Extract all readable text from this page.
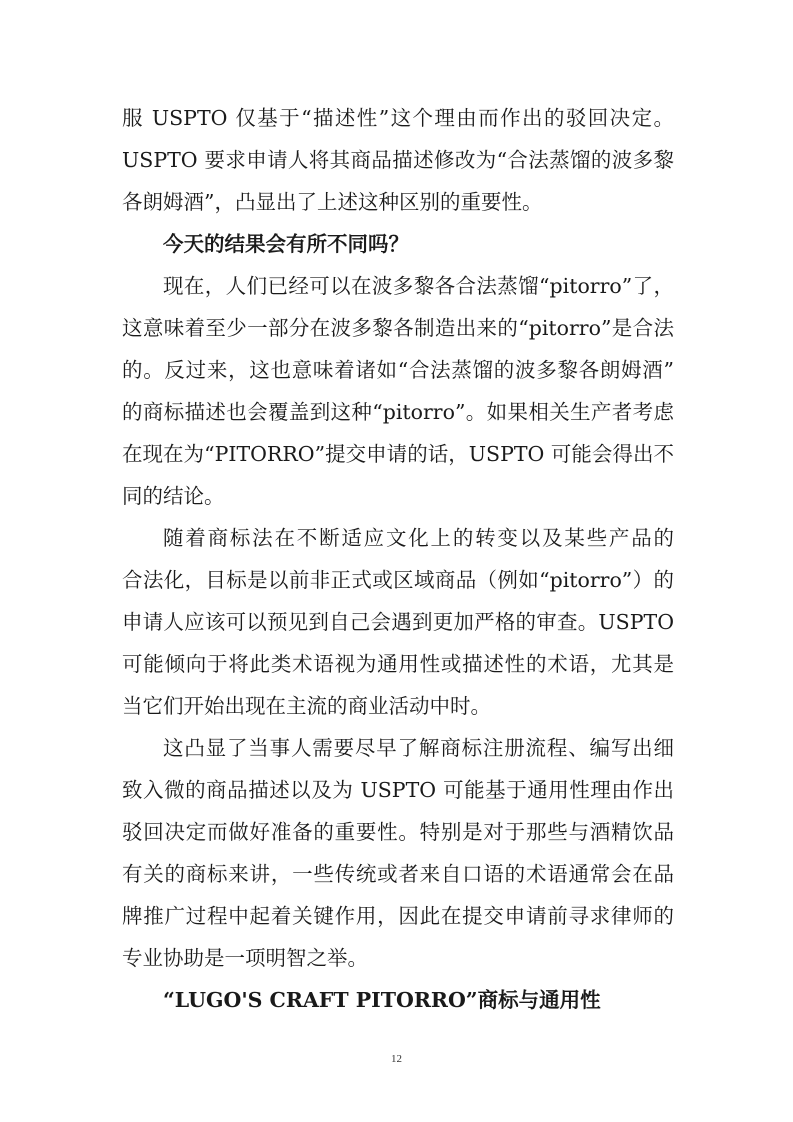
服 USPTO 仅基于“描述性”这个理由而作出的驳回决定。
USPTO 要求申请人将其商品描述修改为“合法蒸馏的波多黎
各朗姆酒”，凸显出了上述这种区别的重要性。
今天的结果会有所不同吗？
现在，人们已经可以在波多黎各合法蒸馏“pitorro”了，
这意味着至少一部分在波多黎各制造出来的“pitorro”是合法
的。反过来，这也意味着诸如“合法蒸馏的波多黎各朗姆酒”
的商标描述也会覆盖到这种“pitorro”。如果相关生产者考虑
在现在为“PITORRO”提交申请的话，USPTO 可能会得出不
同的结论。
随着商标法在不断适应文化上的转变以及某些产品的
合法化，目标是以前非正式或区域商品（例如“pitorro”）的
申请人应该可以预见到自己会遇到更加严格的审查。USPTO
可能倾向于将此类术语视为通用性或描述性的术语，尤其是
当它们开始出现在主流的商业活动中时。
这凸显了当事人需要尽早了解商标注册流程、编写出细
致入微的商品描述以及为 USPTO 可能基于通用性理由作出
驳回决定而做好准备的重要性。特别是对于那些与酒精饮品
有关的商标来讲，一些传统或者来自口语的术语通常会在品
牌推广过程中起着关键作用，因此在提交申请前寻求律师的
专业协助是一项明智之举。
“LUGO'S CRAFT PITORRO”商标与通用性
12
